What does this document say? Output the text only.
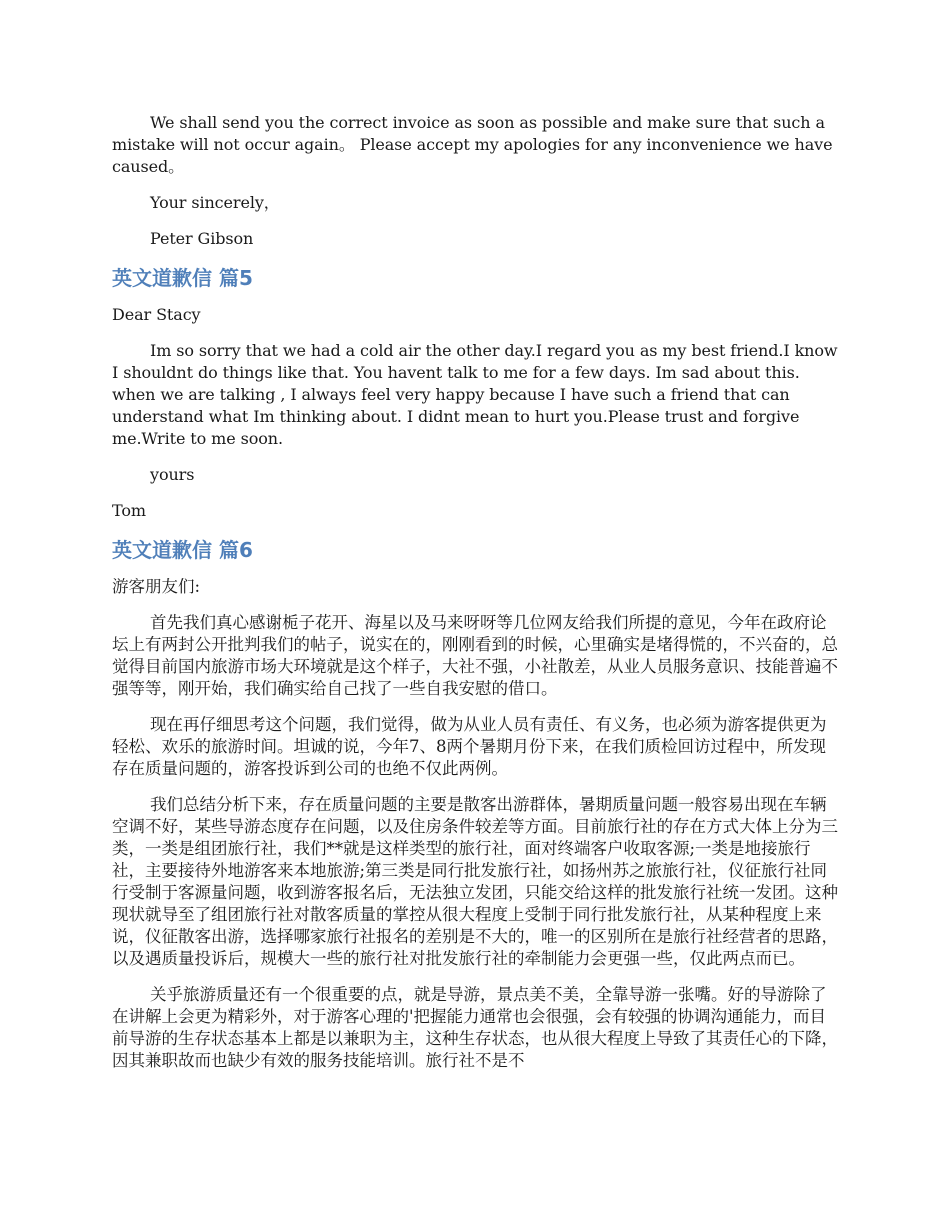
We shall send you the correct invoice as soon as possible and make sure that such a mistake will not occur again。 Please accept my apologies for any inconvenience we have caused。

Your sincerely，

Peter Gibson

英文道歉信 篇5

Dear Stacy

Im so sorry that we had a cold air the other day.I regard you as my best friend.I know I shouldnt do things like that. You havent talk to me for a few days. Im sad about this. when we are talking , I always feel very happy because I have such a friend that can understand what Im thinking about. I didnt mean to hurt you.Please trust and forgive me.Write to me soon.

yours

Tom

英文道歉信 篇6

游客朋友们:

首先我们真心感谢栀子花开、海星以及马来呀呀等几位网友给我们所提的意见，今年在政府论坛上有两封公开批判我们的帖子，说实在的，刚刚看到的时候，心里确实是堵得慌的，不兴奋的，总觉得目前国内旅游市场大环境就是这个样子，大社不强，小社散差，从业人员服务意识、技能普遍不强等等，刚开始，我们确实给自己找了一些自我安慰的借口。

现在再仔细思考这个问题，我们觉得，做为从业人员有责任、有义务，也必须为游客提供更为轻松、欢乐的旅游时间。坦诚的说，今年7、8两个暑期月份下来，在我们质检回访过程中，所发现存在质量问题的，游客投诉到公司的也绝不仅此两例。

我们总结分析下来，存在质量问题的主要是散客出游群体，暑期质量问题一般容易出现在车辆空调不好，某些导游态度存在问题，以及住房条件较差等方面。目前旅行社的存在方式大体上分为三类，一类是组团旅行社，我们**就是这样类型的旅行社，面对终端客户收取客源;一类是地接旅行社，主要接待外地游客来本地旅游;第三类是同行批发旅行社，如扬州苏之旅旅行社，仪征旅行社同行受制于客源量问题，收到游客报名后，无法独立发团，只能交给这样的批发旅行社统一发团。这种现状就导至了组团旅行社对散客质量的掌控从很大程度上受制于同行批发旅行社，从某种程度上来说，仪征散客出游，选择哪家旅行社报名的差别是不大的，唯一的区别所在是旅行社经营者的思路，以及遇质量投诉后，规模大一些的旅行社对批发旅行社的牵制能力会更强一些，仅此两点而已。

关乎旅游质量还有一个很重要的点，就是导游，景点美不美，全靠导游一张嘴。好的导游除了在讲解上会更为精彩外，对于游客心理的'把握能力通常也会很强，会有较强的协调沟通能力，而目前导游的生存状态基本上都是以兼职为主，这种生存状态，也从很大程度上导致了其责任心的下降，因其兼职故而也缺少有效的服务技能培训。旅行社不是不
